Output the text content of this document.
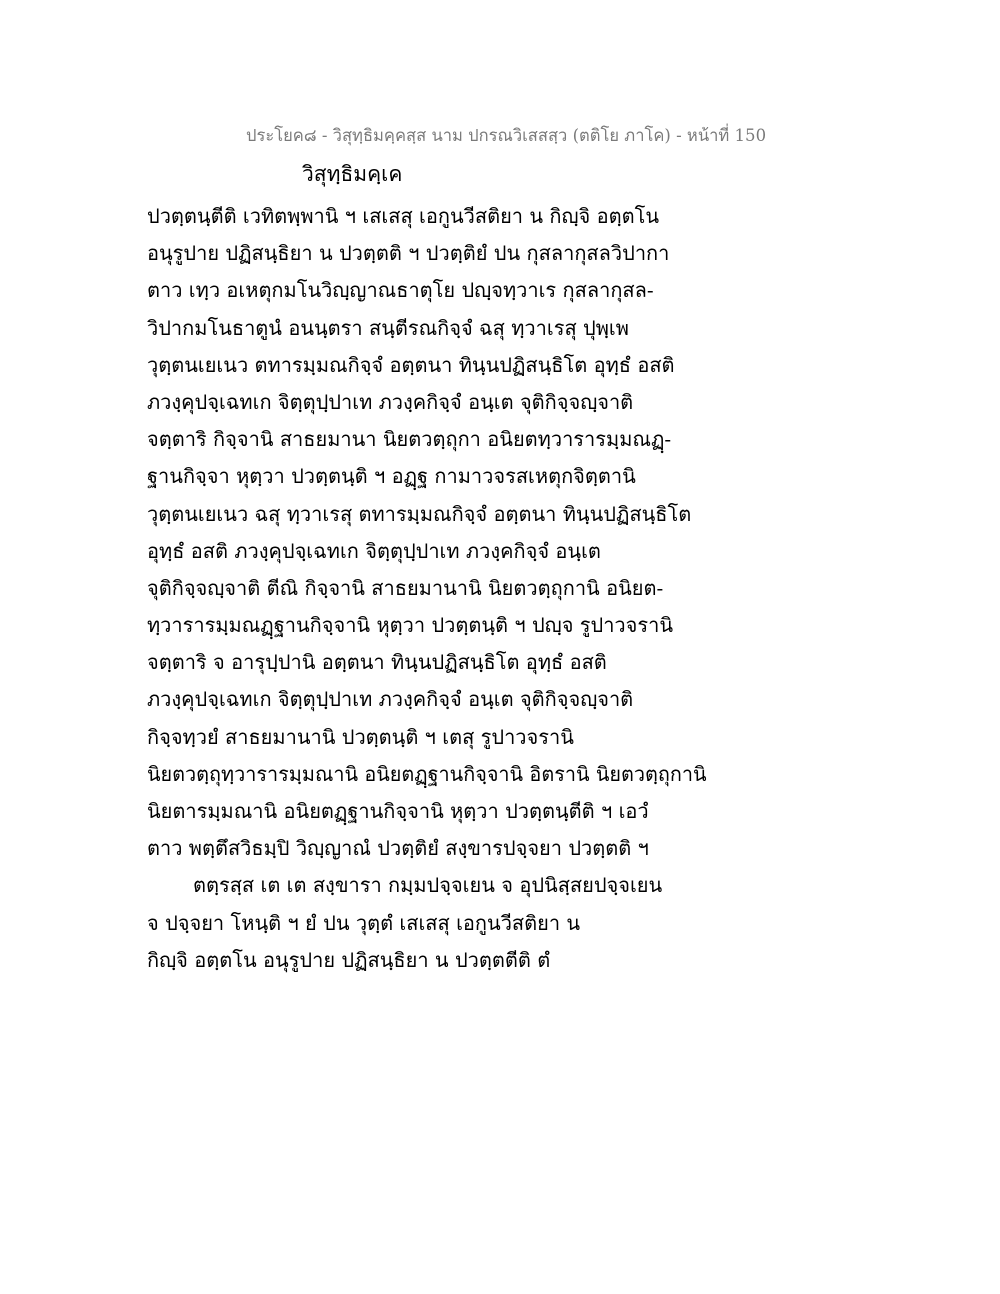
ประโยค๘ - วิสุทฺธิมคฺคสฺส นาม ปกรณวิเสสสฺว (ตติโย ภาโค) - หน้าที่ 150
วิสุทฺธิมคฺเค
ปวตฺตนฺตีติ เวทิตพฺพานิ ฯ เสเสสุ เอกูนวีสติยา น กิญฺจิ อตฺตโน
อนุรูปาย ปฏิสนฺธิยา น ปวตฺตติ ฯ ปวตฺติยํ ปน กุสลากุสลวิปากา
ตาว เทฺว อเหตุกมโนวิญฺญาณธาตุโย ปญฺจทฺวาเร กุสลากุสล-
วิปากมโนธาตูนํ อนนฺตรา สนฺตีรณกิจฺจํ ฉสุ ทฺวาเรสุ ปุพฺเพ
วุตฺตนเยเนว ตทารมฺมณกิจฺจํ อตฺตนา ทินฺนปฏิสนฺธิโต อุทฺธํ อสติ
ภวงฺคุปจฺเฉทเก จิตฺตุปฺปาเท ภวงฺคกิจฺจํ อนฺเต จุติกิจฺจญฺจาติ
จตฺตาริ กิจฺจานิ สาธยมานา นิยตวตฺถุกา อนิยตทฺวารารมฺมณฏฺ-
ฐานกิจฺจา หุตฺวา ปวตฺตนฺติ ฯ อฏฺฐ กามาวจรสเหตุกจิตฺตานิ
วุตฺตนเยเนว ฉสุ ทฺวาเรสุ ตทารมฺมณกิจฺจํ อตฺตนา ทินฺนปฏิสนฺธิโต
อุทฺธํ อสติ ภวงฺคุปจฺเฉทเก จิตฺตุปฺปาเท ภวงฺคกิจฺจํ อนฺเต
จุติกิจฺจญฺจาติ ตีณิ กิจฺจานิ สาธยมานานิ นิยตวตฺถุกานิ อนิยต-
ทฺวารารมฺมณฏฺฐานกิจฺจานิ หุตฺวา ปวตฺตนฺติ ฯ ปญฺจ รูปาวจรานิ
จตฺตาริ จ อารุปฺปานิ อตฺตนา ทินฺนปฏิสนฺธิโต อุทฺธํ อสติ
ภวงฺคุปจฺเฉทเก จิตฺตุปฺปาเท ภวงฺคกิจฺจํ อนฺเต จุติกิจฺจญฺจาติ
กิจฺจทฺวยํ สาธยมานานิ ปวตฺตนฺติ ฯ เตสุ รูปาวจรานิ
นิยตวตฺถุทฺวารารมฺมณานิ อนิยตฏฺฐานกิจฺจานิ อิตรานิ นิยตวตฺถุกานิ
นิยตารมฺมณานิ อนิยตฏฺฐานกิจฺจานิ หุตฺวา ปวตฺตนฺตีติ ฯ เอวํ
ตาว พตฺตึสวิธมฺปิ วิญฺญาณํ ปวตฺติยํ สงฺขารปจฺจยา ปวตฺตติ ฯ
ตตฺรสฺส เต เต สงฺขารา กมฺมปจฺจเยน จ อุปนิสฺสยปจฺจเยน
จ ปจฺจยา โหนฺติ ฯ ยํ ปน วุตฺตํ เสเสสุ เอกูนวีสติยา น
กิญฺจิ อตฺตโน อนุรูปาย ปฏิสนฺธิยา น ปวตฺตตีติ ตํ
